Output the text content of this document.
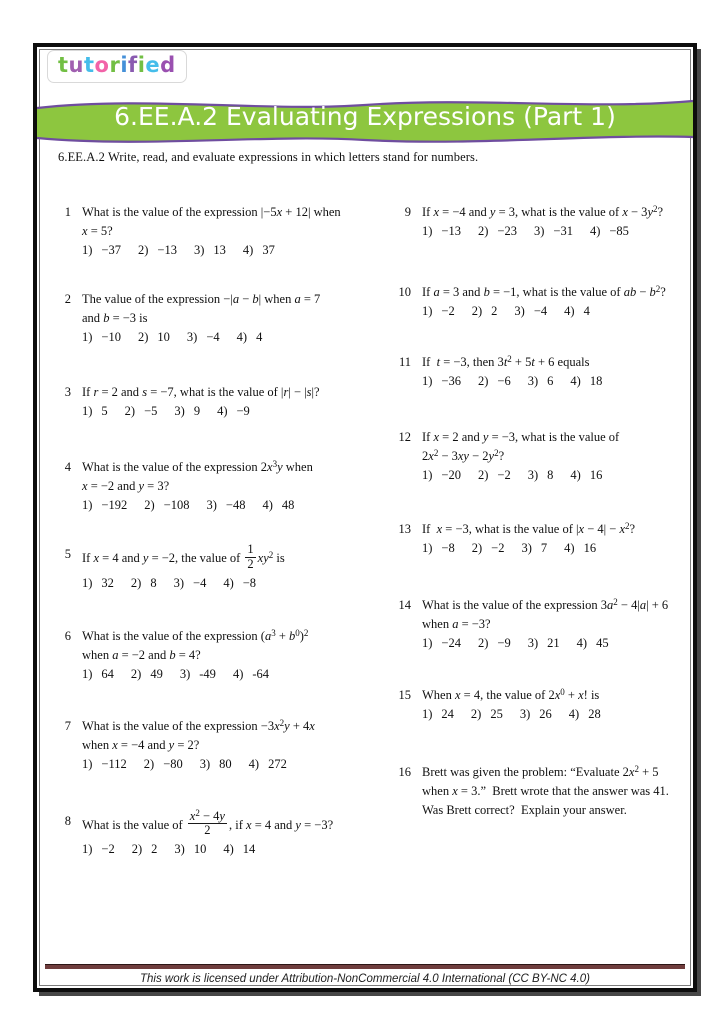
tutorified
6.EE.A.2 Evaluating Expressions (Part 1)
6.EE.A.2 Write, read, and evaluate expressions in which letters stand for numbers.
1 What is the value of the expression |−5x + 12| when
x = 5?
1) −37 2) −13 3) 13 4) 37
2 The value of the expression −|a − b| when a = 7
and b = −3 is
1) −10 2) 10 3) −4 4) 4
3 If r = 2 and s = −7, what is the value of |r| − |s|?
1) 5 2) −5 3) 9 4) −9
4 What is the value of the expression $2x^3y$ when
x = −2 and y = 3?
1) −192 2) −108 3) −48 4) 48
5 If x = 4 and y = −2, the value of $\frac{1}{2} xy^2$ is
1) 32 2) 8 3) −4 4) −8
6 What is the value of the expression $(a^3 + b^0)^2$
when a = −2 and b = 4?
1) 64 2) 49 3) -49 4) -64
7 What is the value of the expression $-3x^2y + 4x$
when x = −4 and y = 2?
1) −112 2) −80 3) 80 4) 272
8 What is the value of $\frac{x^2 - 4y}{2}$ , if x = 4 and y = −3?
1) −2 2) 2 3) 10 4) 14
9 If x = −4 and y = 3, what is the value of $x - 3y^2$?
1) −13 2) −23 3) −31 4) −85
10 If a = 3 and b = −1, what is the value of ab − $b^2$?
1) −2 2) 2 3) −4 4) 4
11 If  t = −3, then $3t^2 + 5t + 6$ equals
1) −36 2) −6 3) 6 4) 18
12 If x = 2 and y = −3, what is the value of
$2x^2 - 3xy - 2y^2$?
1) −20 2) −2 3) 8 4) 16
13 If  x = −3, what is the value of $|x - 4| - x^2$?
1) −8 2) −2 3) 7 4) 16
14 What is the value of the expression $3a^2 - 4|a| + 6$
when a = −3?
1) −24 2) −9 3) 21 4) 45
15 When x = 4, the value of $2x^0 + x$! is
1) 24 2) 25 3) 26 4) 28
16 Brett was given the problem: “Evaluate $2x^2 + 5$
when x = 3.”  Brett wrote that the answer was 41.
Was Brett correct?  Explain your answer.
This work is licensed under Attribution-NonCommercial 4.0 International (CC BY-NC 4.0)
